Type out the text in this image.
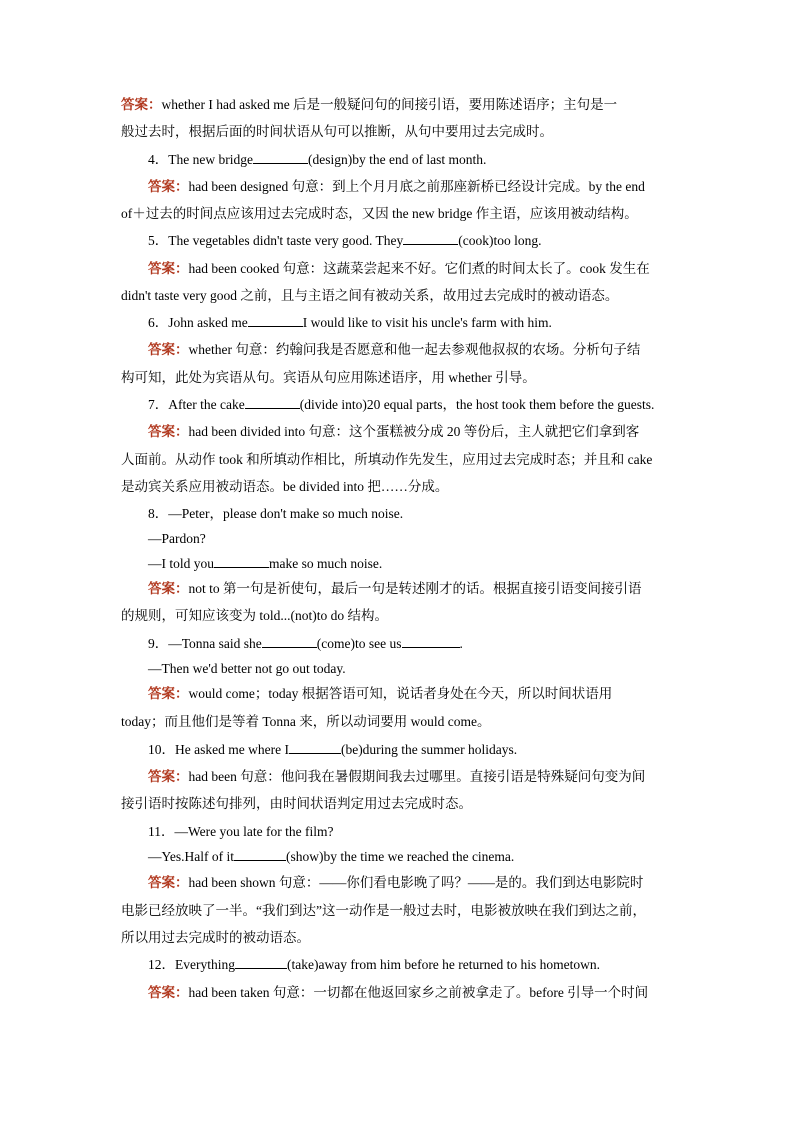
答案：whether I had asked me 后是一般疑问句的间接引语，要用陈述语序；主句是一
般过去时，根据后面的时间状语从句可以推断，从句中要用过去完成时。
4．The new bridge	(design)by the end of last month.
答案：had been designed 句意：到上个月月底之前那座新桥已经设计完成。by the end
of＋过去的时间点应该用过去完成时态，又因 the new bridge 作主语，应该用被动结构。
5．The vegetables didn't taste very good. They	(cook)too long.
答案：had been cooked 句意：这蔬菜尝起来不好。它们煮的时间太长了。cook 发生在
didn't taste very good 之前，且与主语之间有被动关系，故用过去完成时的被动语态。
6．John asked me	I would like to visit his uncle's farm with him.
答案：whether 句意：约翰问我是否愿意和他一起去参观他叔叔的农场。分析句子结
构可知，此处为宾语从句。宾语从句应用陈述语序，用 whether 引导。
7．After the cake	(divide into)20 equal parts，the host took them before the guests.
答案：had been divided into 句意：这个蛋糕被分成 20 等份后，主人就把它们拿到客
人面前。从动作 took 和所填动作相比，所填动作先发生，应用过去完成时态；并且和 cake
是动宾关系应用被动语态。be divided into 把……分成。
8．—Peter，please don't make so much noise.
—Pardon?
—I told you	make so much noise.
答案：not to 第一句是祈使句，最后一句是转述刚才的话。根据直接引语变间接引语
的规则，可知应该变为 told...(not)to do 结构。
9．—Tonna said she	(come)to see us	.
—Then we'd better not go out today.
答案：would come；today 根据答语可知，说话者身处在今天，所以时间状语用
today；而且他们是等着 Tonna 来，所以动词要用 would come。
10．He asked me where I	(be)during the summer holidays.
答案：had been 句意：他问我在暑假期间我去过哪里。直接引语是特殊疑问句变为间
接引语时按陈述句排列，由时间状语判定用过去完成时态。
11．—Were you late for the film?
—Yes.Half of it	(show)by the time we reached the cinema.
答案：had been shown 句意：——你们看电影晚了吗？——是的。我们到达电影院时
电影已经放映了一半。“我们到达”这一动作是一般过去时，电影被放映在我们到达之前，
所以用过去完成时的被动语态。
12．Everything	(take)away from him before he returned to his hometown.
答案：had been taken 句意：一切都在他返回家乡之前被拿走了。before 引导一个时间
